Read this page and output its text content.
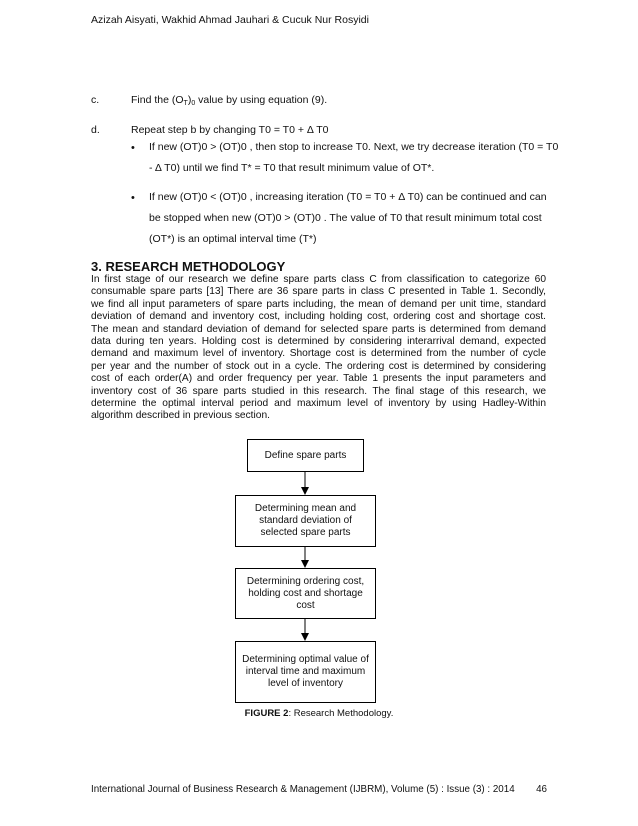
Azizah Aisyati, Wakhid Ahmad Jauhari & Cucuk Nur Rosyidi
c.	Find the $(O_T)_0$ value by using equation (9).
d.	Repeat step b by changing T0 = T0 + Δ T0
• If new (OT)0 > (OT)0 , then stop to increase T0. Next, we try decrease iteration (T0 = T0
- Δ T0) until we find T* = T0 that result minimum value of OT*.
• If new (OT)0 < (OT)0 , increasing iteration (T0 = T0 + Δ T0) can be continued and can
be stopped when new (OT)0 > (OT)0 . The value of T0 that result minimum total cost
(OT*) is an optimal interval time (T*)
3. RESEARCH METHODOLOGY
In first stage of our research we define spare parts class C from classification to categorize 60
consumable spare parts [13] There are 36 spare parts in class C presented in Table 1. Secondly,
we find all input parameters of spare parts including, the mean of demand per unit time, standard
deviation of demand and inventory cost, including holding cost, ordering cost and shortage cost.
The mean and standard deviation of demand for selected spare parts is determined from demand
data during ten years. Holding cost is determined by considering interarrival demand, expected
demand and maximum level of inventory. Shortage cost is determined from the number of cycle
per year and the number of stock out in a cycle. The ordering cost is determined by considering
cost of each order(A) and order frequency per year. Table 1 presents the input parameters and
inventory cost of 36 spare parts studied in this research. The final stage of this research, we
determine the optimal interval period and maximum level of inventory by using Hadley-Within
algorithm described in previous section.
Define spare parts
Determining mean and standard deviation of selected spare parts
Determining ordering cost, holding cost and shortage cost
Determining optimal value of interval time and maximum level of inventory
FIGURE 2: Research Methodology.
International Journal of Business Research & Management (IJBRM), Volume (5) : Issue (3) : 2014 46
